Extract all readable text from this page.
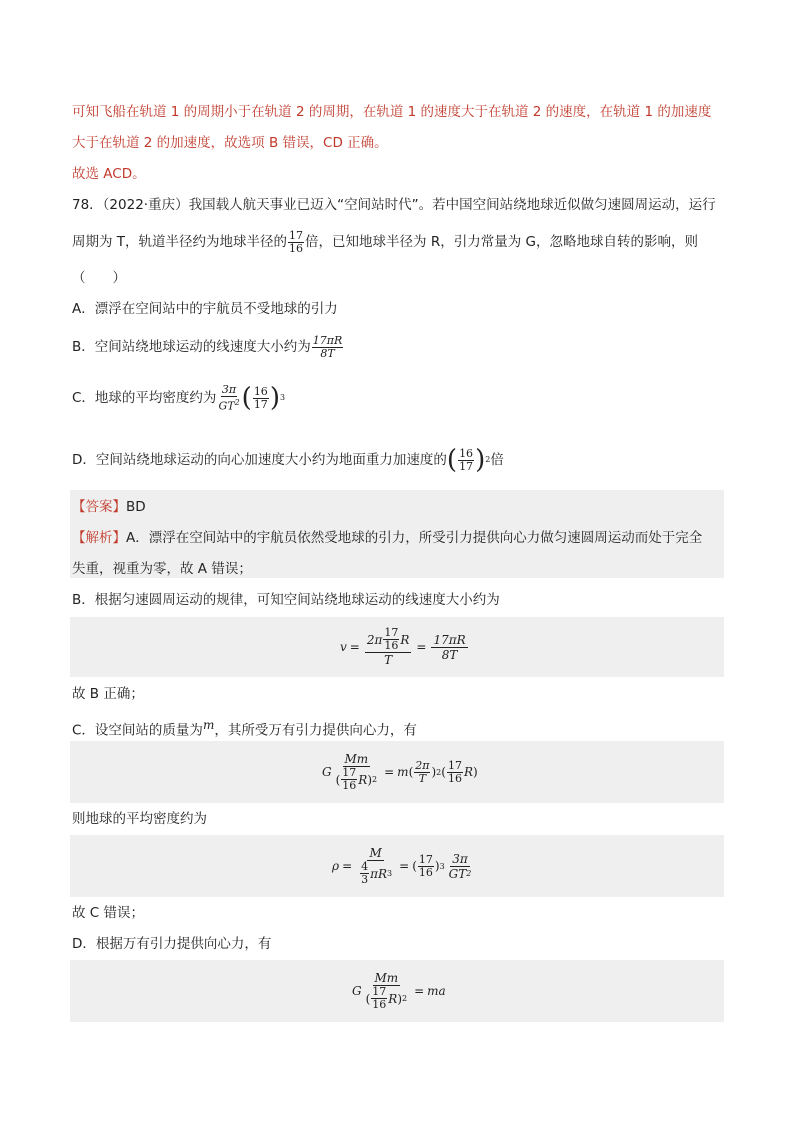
可知飞船在轨道 1 的周期小于在轨道 2 的周期，在轨道 1 的速度大于在轨道 2 的速度，在轨道 1 的加速度
大于在轨道 2 的加速度，故选项 B 错误，CD 正确。
故选 ACD。
78．（2022·重庆）我国载人航天事业已迈入“空间站时代”。若中国空间站绕地球近似做匀速圆周运动，运行
周期为 T，轨道半径约为地球半径的 $\frac{17}{16}$ 倍，已知地球半径为 R，引力常量为 G，忽略地球自转的影响，则
（　　）
A．漂浮在空间站中的宇航员不受地球的引力
B．空间站绕地球运动的线速度大小约为 $\frac{17\pi R}{8T}$
C．地球的平均密度约为 $\frac{3\pi}{GT^2}$ ( $\frac{16}{17}$ ) 3
D．空间站绕地球运动的向心加速度大小约为地面重力加速度的 ( $\frac{16}{17}$ ) 2 倍
【答案】BD
【解析】A．漂浮在空间站中的宇航员依然受地球的引力，所受引力提供向心力做匀速圆周运动而处于完全
失重，视重为零，故 A 错误；
B．根据匀速圆周运动的规律，可知空间站绕地球运动的线速度大小约为
$v = \frac{2\pi \frac{17}{16} R}{T} = \frac{17\pi R}{8T}$
故 B 正确；
C．设空间站的质量为m，其所受万有引力提供向心力，有
G $\frac{Mm}{( \frac{17}{16} R ) 2} = m$ ( $\frac{2\pi}{T}$ ) 2 ( $\frac{17}{16}$ R )
则地球的平均密度约为
$\rho = \frac{M}{\frac{4}{3} \pi R 3}$ = ( $\frac{17}{16}$ ) $3 \frac{3\pi}{GT 2}$
故 C 错误；
D．根据万有引力提供向心力，有
G $\frac{Mm}{( \frac{17}{16} R ) 2}$ = ma
